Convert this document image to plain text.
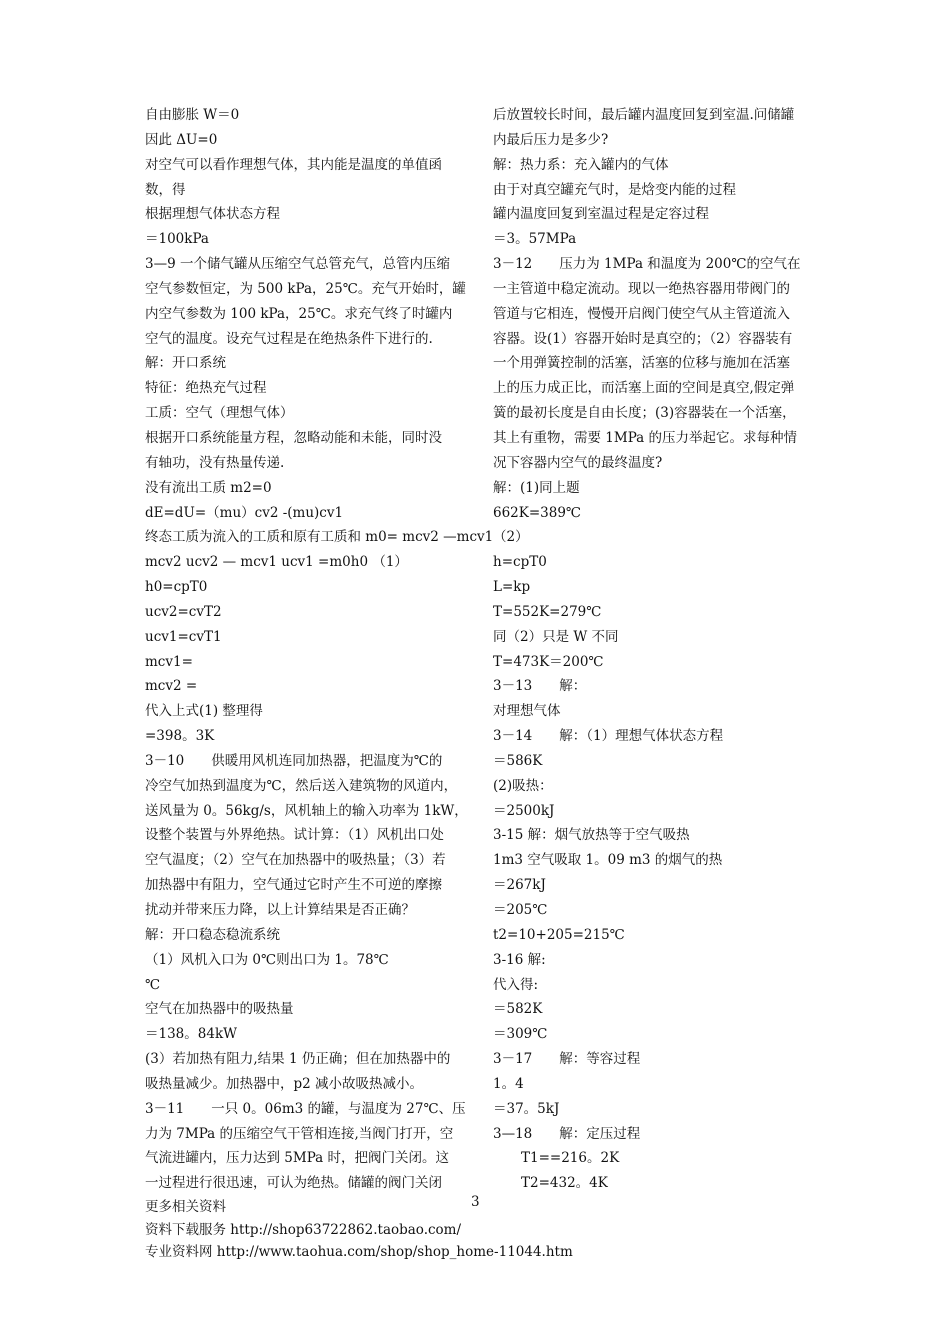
自由膨胀 W＝0
因此 ΔU=0
对空气可以看作理想气体，其内能是温度的单值函
数，得
根据理想气体状态方程
＝100kPa
3—9 一个储气罐从压缩空气总管充气，总管内压缩
空气参数恒定，为 500 kPa，25℃。充气开始时，罐
内空气参数为 100 kPa，25℃。求充气终了时罐内
空气的温度。设充气过程是在绝热条件下进行的.
解：开口系统
特征：绝热充气过程
工质：空气（理想气体）
根据开口系统能量方程，忽略动能和未能，同时没
有轴功，没有热量传递.
没有流出工质 m2=0
dE=dU=（mu）cv2 -(mu)cv1
终态工质为流入的工质和原有工质和 m0= mcv2 —mcv1
mcv2 ucv2 — mcv1 ucv1 =m0h0 （1）
h0=cpT0
ucv2=cvT2
ucv1=cvT1
mcv1=
mcv2 =
代入上式(1) 整理得
=398。3K
3－10　　供暖用风机连同加热器，把温度为℃的
冷空气加热到温度为℃，然后送入建筑物的风道内，
送风量为 0。56kg/s，风机轴上的输入功率为 1kW，
设整个装置与外界绝热。试计算：（1）风机出口处
空气温度；（2）空气在加热器中的吸热量；（3）若
加热器中有阻力，空气通过它时产生不可逆的摩擦
扰动并带来压力降，以上计算结果是否正确？
解：开口稳态稳流系统
（1）风机入口为 0℃则出口为 1。78℃
℃
空气在加热器中的吸热量
＝138。84kW
(3）若加热有阻力,结果 1 仍正确；但在加热器中的
吸热量减少。加热器中，p2 减小故吸热减小。
3－11　　一只 0。06m3 的罐，与温度为 27℃、压
力为 7MPa 的压缩空气干管相连接,当阀门打开，空
气流进罐内，压力达到 5MPa 时，把阀门关闭。这
一过程进行很迅速，可认为绝热。储罐的阀门关闭
后放置较长时间，最后罐内温度回复到室温.问储罐
内最后压力是多少?
解：热力系：充入罐内的气体
由于对真空罐充气时，是焓变内能的过程
罐内温度回复到室温过程是定容过程
＝3。57MPa
3－12　　压力为 1MPa 和温度为 200℃的空气在
一主管道中稳定流动。现以一绝热容器用带阀门的
管道与它相连，慢慢开启阀门使空气从主管道流入
容器。设(1）容器开始时是真空的；（2）容器装有
一个用弹簧控制的活塞，活塞的位移与施加在活塞
上的压力成正比，而活塞上面的空间是真空,假定弹
簧的最初长度是自由长度；(3)容器装在一个活塞，
其上有重物，需要 1MPa 的压力举起它。求每种情
况下容器内空气的最终温度?
解：(1)同上题
662K=389℃
（2）
h=cpT0
L=kp
T=552K=279℃
同（2）只是 W 不同
T=473K＝200℃
3－13　　解：
对理想气体
3－14　　解：（1）理想气体状态方程
＝586K
(2)吸热：
＝2500kJ
3-15 解：烟气放热等于空气吸热
1m3 空气吸取 1。09 m3 的烟气的热
＝267kJ
＝205℃
t2=10+205=215℃
3-16 解:
代入得:
＝582K
＝309℃
3－17　　解：等容过程
1。4
＝37。5kJ
3—18　　解：定压过程
T1==216。2K
T2=432。4K
3
更多相关资料
资料下载服务 http://shop63722862.taobao.com/
专业资料网 http://www.taohua.com/shop/shop_home-11044.htm
